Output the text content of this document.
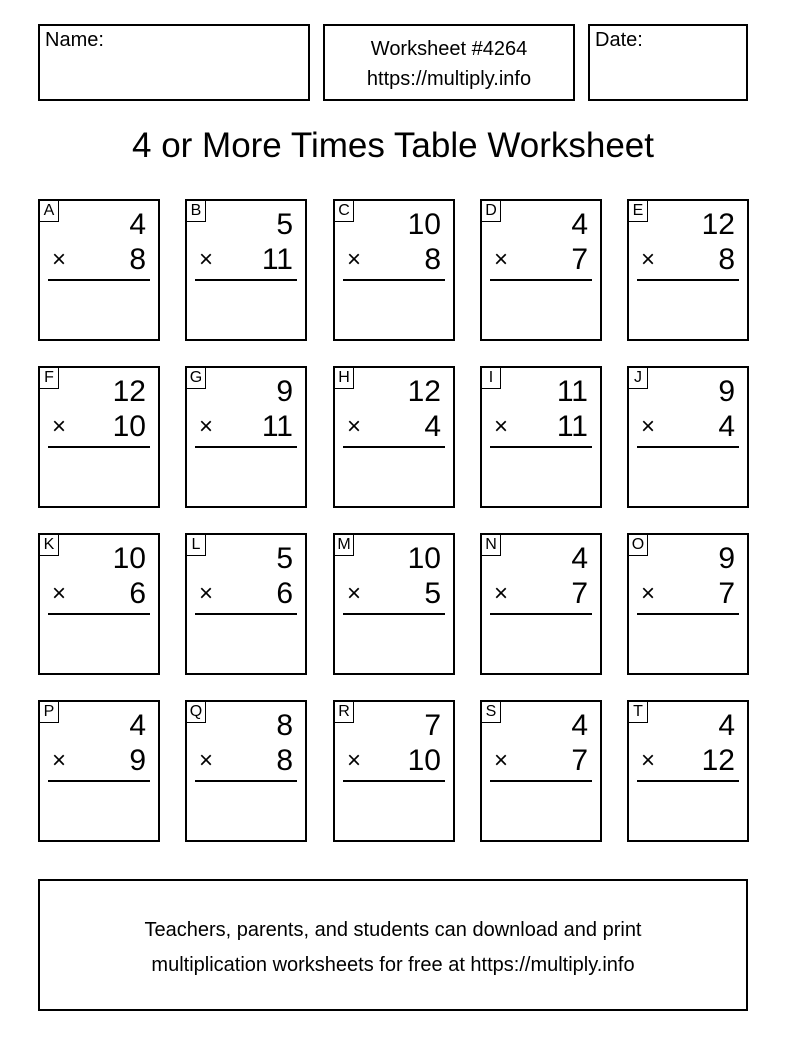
Name:	Worksheet #4264
https://multiply.info
Date:
4 or More Times Table Worksheet
A 4
× 8
B 5
× 11
C 10
× 8
D 4
× 7
E 12
× 8
F 12
× 10
G 9
× 11
H 12
× 4
I 11
× 11
J	9
× 4
K 10
× 6
L	5
× 6
M 10
× 5
N 4
× 7
O 9
× 7
P 4
× 9
Q 8
× 8
R 7
× 10
S 4
× 7
T	4
× 12
Teachers, parents, and students can download and print
multiplication worksheets for free at https://multiply.info
